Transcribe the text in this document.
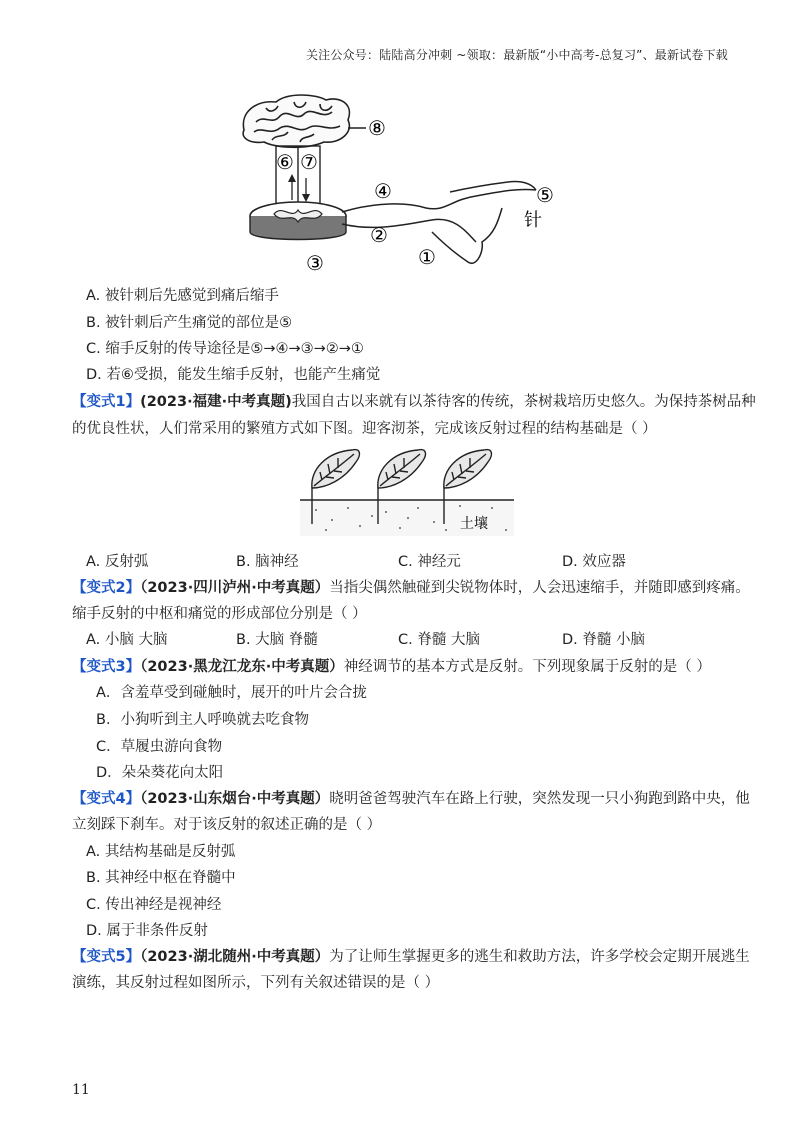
关注公众号：陆陆高分冲刺 ~领取：最新版“小中高考-总复习”、最新试卷下载
⑧
⑥ ⑦
③
④
②
①
⑤
针
A. 被针刺后先感觉到痛后缩手
B. 被针刺后产生痛觉的部位是⑤
C. 缩手反射的传导途径是⑤→④→③→②→①
D. 若⑥受损，能发生缩手反射，也能产生痛觉
【变式1】(2023·福建·中考真题)我国自古以来就有以茶待客的传统，茶树栽培历史悠久。为保持茶树品种
的优良性状，人们常采用的繁殖方式如下图。迎客沏茶，完成该反射过程的结构基础是（ ）
土壤
A. 反射弧	B. 脑神经	C. 神经元	D. 效应器
【变式2】（2023·四川泸州·中考真题）当指尖偶然触碰到尖锐物体时，人会迅速缩手，并随即感到疼痛。
缩手反射的中枢和痛觉的形成部位分别是（ ）
A. 小脑 大脑	B. 大脑 脊髓	C. 脊髓 大脑	D. 脊髓 小脑
【变式3】（2023·黑龙江龙东·中考真题）神经调节的基本方式是反射。下列现象属于反射的是（ ）
A．含羞草受到碰触时，展开的叶片会合拢
B．小狗听到主人呼唤就去吃食物
C．草履虫游向食物
D．朵朵葵花向太阳
【变式4】（2023·山东烟台·中考真题）晓明爸爸驾驶汽车在路上行驶，突然发现一只小狗跑到路中央，他
立刻踩下刹车。对于该反射的叙述正确的是（ ）
A. 其结构基础是反射弧
B. 其神经中枢在脊髓中
C. 传出神经是视神经
D. 属于非条件反射
【变式5】（2023·湖北随州·中考真题）为了让师生掌握更多的逃生和救助方法，许多学校会定期开展逃生
演练，其反射过程如图所示，下列有关叙述错误的是（ ）
11
